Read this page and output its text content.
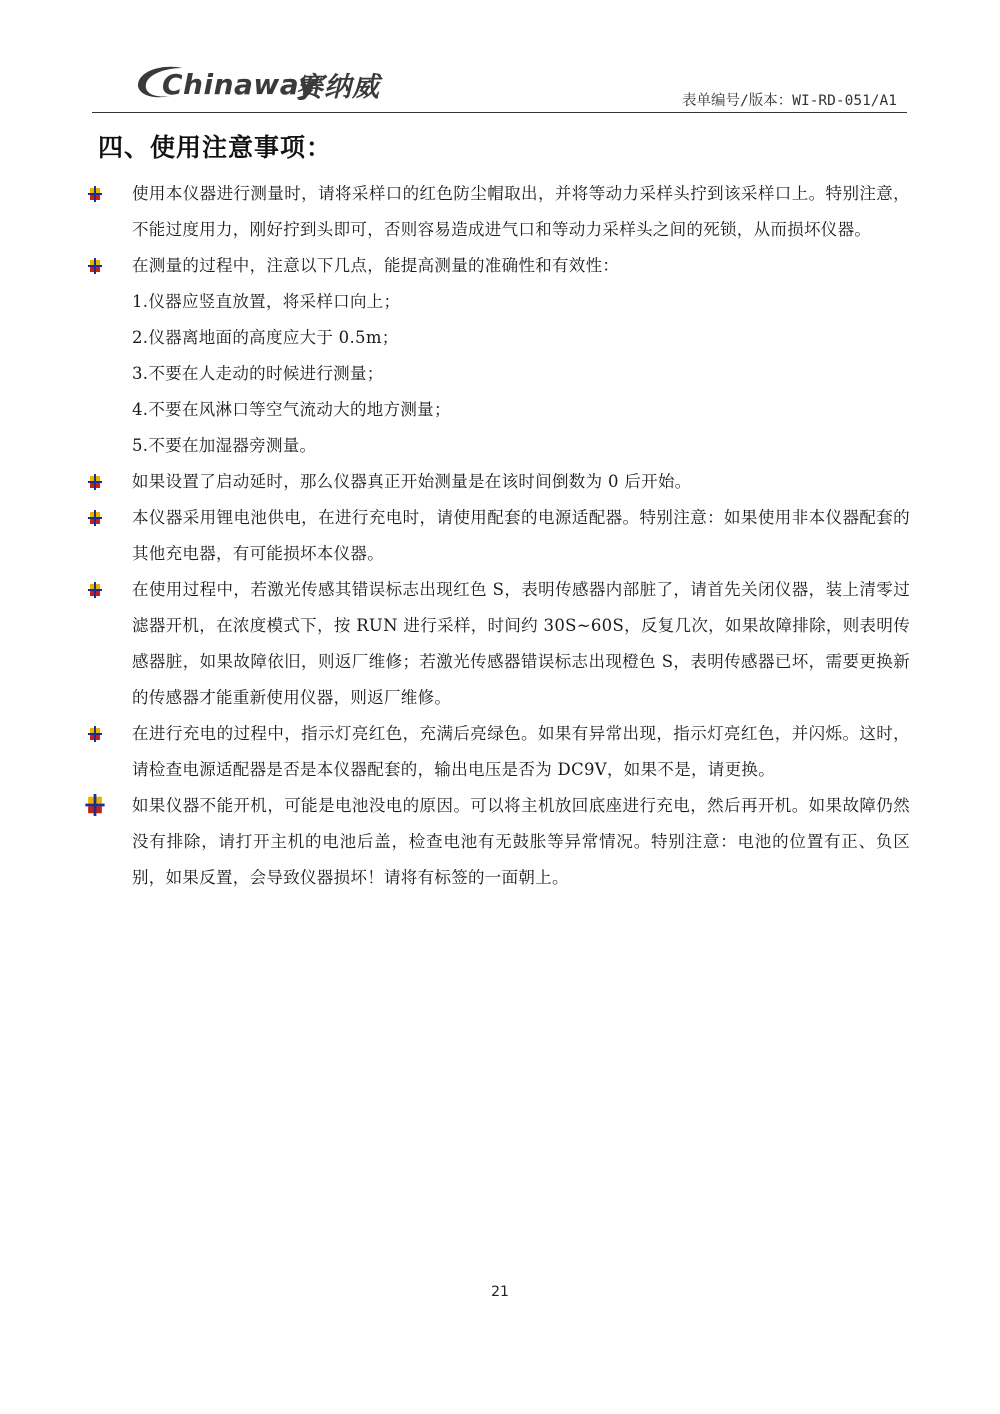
Chinaway
赛纳威	表单编号/版本：WI-RD-051/A1
四、使用注意事项：

使用本仪器进行测量时，请将采样口的红色防尘帽取出，并将等动力采样头拧到该采样口上。特别注意，不能过度用力，刚好拧到头即可，否则容易造成进气口和等动力采样头之间的死锁，从而损坏仪器。

在测量的过程中，注意以下几点，能提高测量的准确性和有效性：

1.仪器应竖直放置，将采样口向上；

2.仪器离地面的高度应大于 0.5m；

3.不要在人走动的时候进行测量；

4.不要在风淋口等空气流动大的地方测量；

5.不要在加湿器旁测量。

如果设置了启动延时，那么仪器真正开始测量是在该时间倒数为 0 后开始。

本仪器采用锂电池供电，在进行充电时，请使用配套的电源适配器。特别注意：如果使用非本仪器配套的其他充电器，有可能损坏本仪器。

在使用过程中，若激光传感其错误标志出现红色 S，表明传感器内部脏了，请首先关闭仪器，装上清零过滤器开机，在浓度模式下，按 RUN 进行采样，时间约 30S~60S，反复几次，如果故障排除，则表明传感器脏，如果故障依旧，则返厂维修；若激光传感器错误标志出现橙色 S，表明传感器已坏，需要更换新的传感器才能重新使用仪器，则返厂维修。

在进行充电的过程中，指示灯亮红色，充满后亮绿色。如果有异常出现，指示灯亮红色，并闪烁。这时，请检查电源适配器是否是本仪器配套的，输出电压是否为 DC9V，如果不是，请更换。

如果仪器不能开机，可能是电池没电的原因。可以将主机放回底座进行充电，然后再开机。如果故障仍然没有排除，请打开主机的电池后盖，检查电池有无鼓胀等异常情况。特别注意：电池的位置有正、负区别，如果反置，会导致仪器损坏！请将有标签的一面朝上。

21
